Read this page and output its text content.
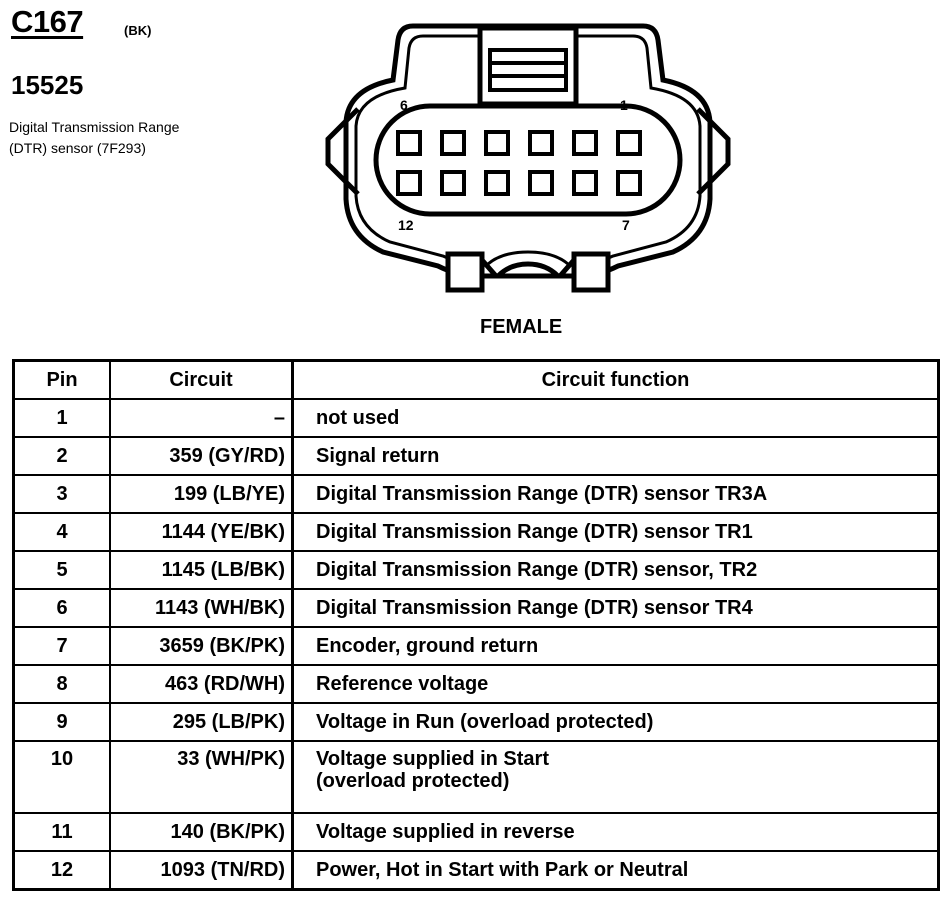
C167	(BK)
15525
Digital Transmission Range
(DTR) sensor (7F293)
6	1
12	7
FEMALE
Pin	Circuit	Circuit function
1	–	not used

2	359 (GY/RD)	Signal return

3	199 (LB/YE)	Digital Transmission Range (DTR) sensor TR3A

4	1144 (YE/BK)	Digital Transmission Range (DTR) sensor TR1

5	1145 (LB/BK)	Digital Transmission Range (DTR) sensor, TR2

6	1143 (WH/BK)	Digital Transmission Range (DTR) sensor TR4

7	3659 (BK/PK)	Encoder, ground return

8	463 (RD/WH)	Reference voltage

9	295 (LB/PK)	Voltage in Run (overload protected)

10	33 (WH/PK)	Voltage supplied in Start
(overload protected)

11	140 (BK/PK)	Voltage supplied in reverse

12	1093 (TN/RD)	Power, Hot in Start with Park or Neutral
